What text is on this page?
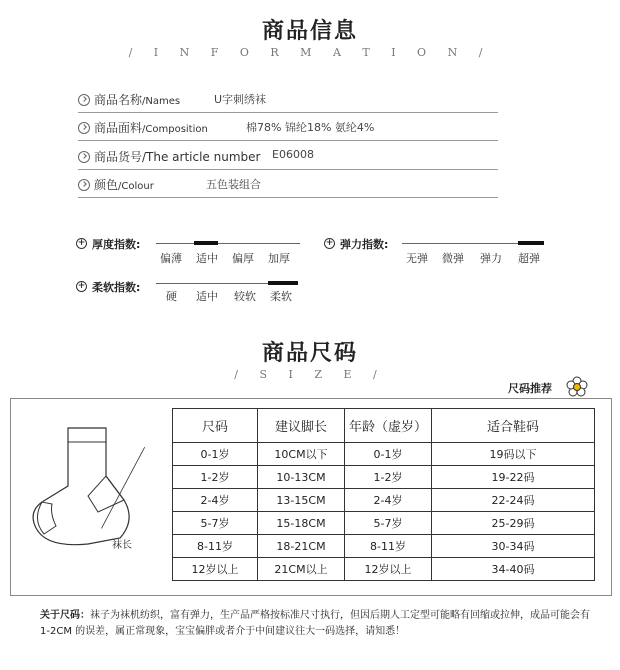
商品信息
/ I N F O R M A T I O N /
商品名称/Names	U字刺绣袜
商品面料/Composition	棉78% 锦纶18% 氨纶4%
商品货号/The article number E06008
颜色/Colour	五色装组合
+ 厚度指数:
偏薄 适中 偏厚 加厚
+ 弹力指数:
无弹 微弹 弹力 超弹
+ 柔软指数:
硬 适中 较软 柔软
商品尺码
/ S I Z E /
尺码推荐
袜长
尺码	建议脚长	年龄（虚岁）	适合鞋码
0-1岁	10CM以下	0-1岁	19码以下
1-2岁	10-13CM	1-2岁	19-22码
2-4岁	13-15CM	2-4岁	22-24码
5-7岁	15-18CM	5-7岁	25-29码
8-11岁	18-21CM	8-11岁	30-34码
12岁以上	21CM以上	12岁以上	34-40码
关于尺码：袜子为袜机纺织，富有弹力，生产品严格按标准尺寸执行，但因后期人工定型可能略有回缩或拉伸，成品可能会有 1-2CM 的误差，属正常现象，宝宝偏胖或者介于中间建议往大一码选择，请知悉！
